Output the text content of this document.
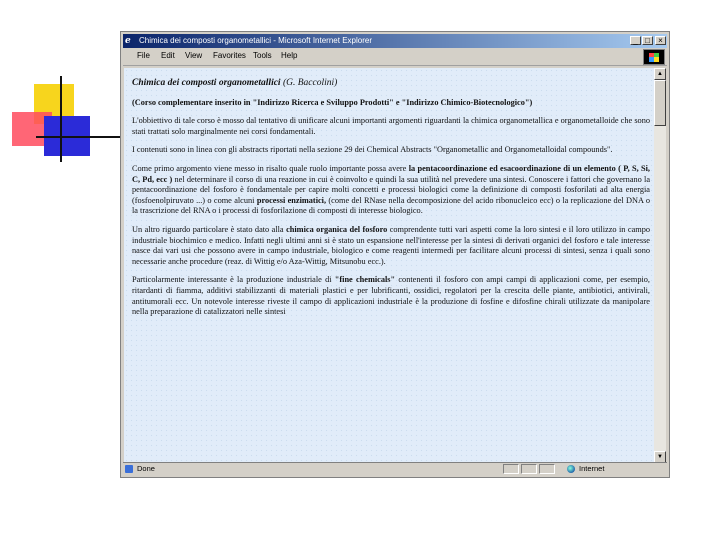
e	Chimica dei composti organometallici - Microsoft Internet Explorer	_ □	×
File Edit View Favorites Tools Help

Chimica dei composti organometallici (G. Baccolini)

(Corso complementare inserito in "Indirizzo Ricerca e Sviluppo Prodotti" e "Indirizzo Chimico-Biotecnologico")

L'obbiettivo di tale corso è mosso dal tentativo di unificare alcuni importanti argomenti riguardanti la chimica organometallica e organometalloide che sono stati trattati solo marginalmente nei corsi fondamentali.

I contenuti sono in linea con gli abstracts riportati nella sezione 29 dei Chemical Abstracts "Organometallic and Organometalloidal compounds".

Come primo argomento viene messo in risalto quale ruolo importante possa avere la pentacoordinazione ed esacoordinazione di un elemento ( P, S, Si, C, Pd, ecc ) nel determinare il corso di una reazione in cui è coinvolto e quindi la sua utilità nel prevedere una sintesi. Conoscere i fattori che governano la pentacoordinazione del fosforo è fondamentale per capire molti concetti e processi biologici come la definizione di composti fosforilati ad alta energia (fosfoenolpiruvato ...) o come alcuni processi enzimatici, (come del RNase nella decomposizione del acido ribonucleico ecc) o la replicazione del DNA o la trascrizione del RNA o i processi di fosforilazione di composti di interesse biologico.

Un altro riguardo particolare è stato dato alla chimica organica del fosforo comprendente tutti vari aspetti come la loro sintesi e il loro utilizzo in campo industriale biochimico e medico. Infatti negli ultimi anni si è stato un espansione nell'interesse per la sintesi di derivati organici del fosforo e tale interesse nasce dai vari usi che possono avere in campo industriale, biologico e come reagenti intermedi per facilitare alcuni processi di sintesi, senza i quali sono necessarie anche procedure (reaz. di Wittig e/o Aza-Wittig, Mitsunobu ecc.).

Particolarmente interessante è la produzione industriale di "fine chemicals" contenenti il fosforo con ampi campi di applicazioni come, per esempio, ritardanti di fiamma, additivi stabilizzanti di materiali plastici e per lubrificanti, ossidici, regolatori per la crescita delle piante, antibiotici, antivirali, antitumorali ecc. Un notevole interesse riveste il campo di applicazioni industriale è la produzione di fosfine e difosfine chirali utilizzate da manipolare nella preparazione di catalizzatori nelle sintesi

▲
▼
Done	Internet
